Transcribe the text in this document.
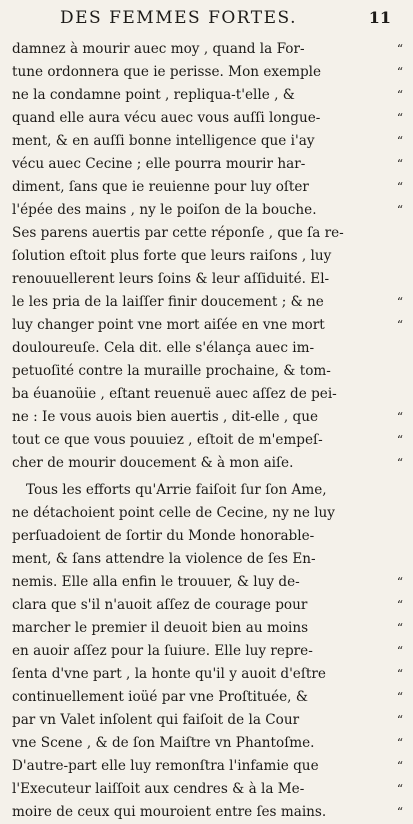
DES FEMMES FORTES.	11
damnez à mourir auec moy , quand la For-	“
tune ordonnera que ie perisse. Mon exemple	“
ne la condamne point , repliqua-t'elle , &	“
quand elle aura vécu auec vous auſſi longue-	“
ment, & en auſſi bonne intelligence que i'ay	“
vécu auec Cecine ; elle pourra mourir har-	“
diment, ſans que ie reuienne pour luy oſter	“
l'épée des mains , ny le poiſon de la bouche.	“
Ses parens auertis par cette réponſe , que ſa re-
ſolution eſtoit plus forte que leurs raiſons , luy
renouuellerent leurs ſoins & leur aſſiduité. El-
le les pria de la laiſſer finir doucement ; & ne	“
luy changer point vne mort aiſée en vne mort	“
douloureuſe. Cela dit. elle s'élança auec im-
petuoſité contre la muraille prochaine, & tom-
ba éuanoüie , eſtant reuenuë auec aſſez de pei-
ne : Ie vous auois bien auertis , dit-elle , que	“
tout ce que vous pouuiez , eſtoit de m'empeſ-	“
cher de mourir doucement & à mon aiſe.	“
Tous les efforts qu'Arrie faiſoit ſur ſon Ame,
ne détachoient point celle de Cecine, ny ne luy
perſuadoient de ſortir du Monde honorable-
ment, & ſans attendre la violence de ſes En-
nemis. Elle alla enfin le trouuer, & luy de-	“
clara que s'il n'auoit aſſez de courage pour	“
marcher le premier il deuoit bien au moins	“
en auoir aſſez pour la ſuiure. Elle luy repre-	“
ſenta d'vne part , la honte qu'il y auoit d'eſtre	“
continuellement ioüé par vne Proſtituée, &	“
par vn Valet inſolent qui faiſoit de la Cour	“
vne Scene , & de ſon Maiſtre vn Phantoſme.	“
D'autre-part elle luy remonſtra l'infamie que	“
l'Executeur laiſſoit aux cendres & à la Me-	“
moire de ceux qui mouroient entre ſes mains.	“
